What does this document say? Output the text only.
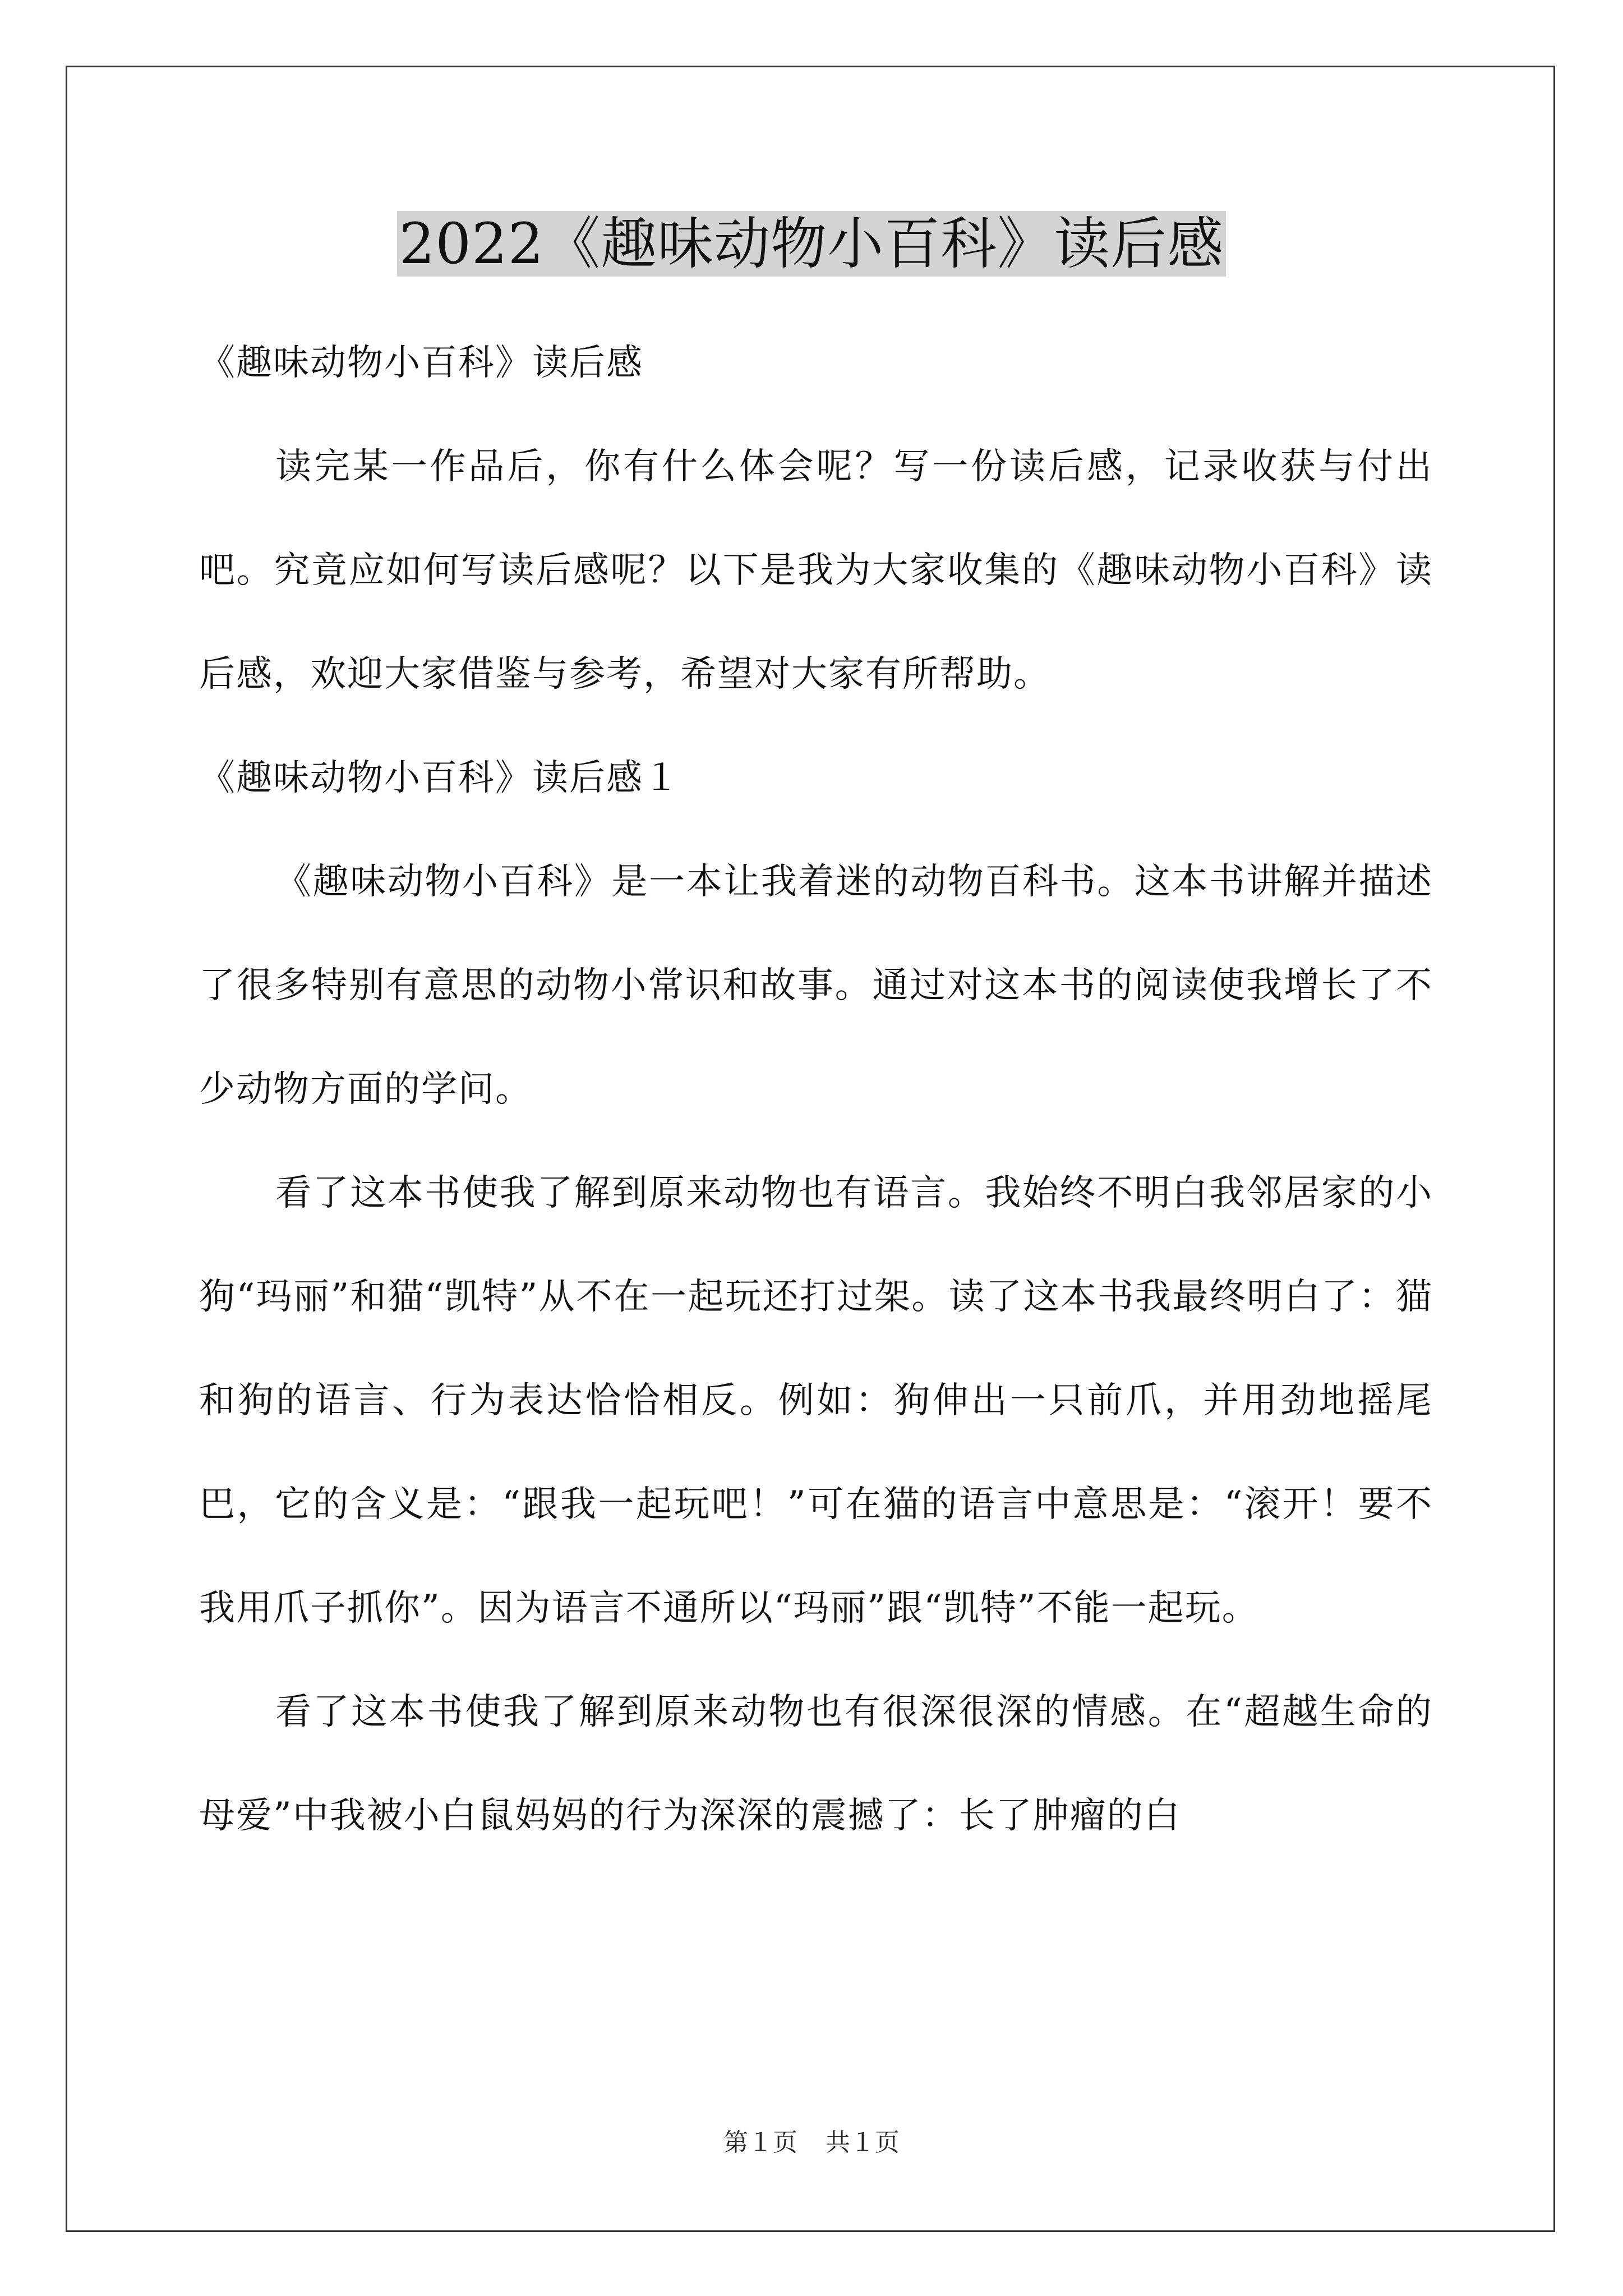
2022《趣味动物小百科》读后感

《趣味动物小百科》读后感

读完某一作品后，你有什么体会呢？写一份读后感，记录收获与付出吧。究竟应如何写读后感呢？以下是我为大家收集的《趣味动物小百科》读后感，欢迎大家借鉴与参考，希望对大家有所帮助。

《趣味动物小百科》读后感１

《趣味动物小百科》是一本让我着迷的动物百科书。这本书讲解并描述了很多特别有意思的动物小常识和故事。通过对这本书的阅读使我增长了不少动物方面的学问。

看了这本书使我了解到原来动物也有语言。我始终不明白我邻居家的小狗“玛丽”和猫“凯特”从不在一起玩还打过架。读了这本书我最终明白了：猫和狗的语言、行为表达恰恰相反。例如：狗伸出一只前爪，并用劲地摇尾巴，它的含义是：“跟我一起玩吧！”可在猫的语言中意思是：“滚开！要不我用爪子抓你”。因为语言不通所以“玛丽”跟“凯特”不能一起玩。

看了这本书使我了解到原来动物也有很深很深的情感。在“超越生命的母爱”中我被小白鼠妈妈的行为深深的震撼了：长了肿瘤的白

第１页 共１页
